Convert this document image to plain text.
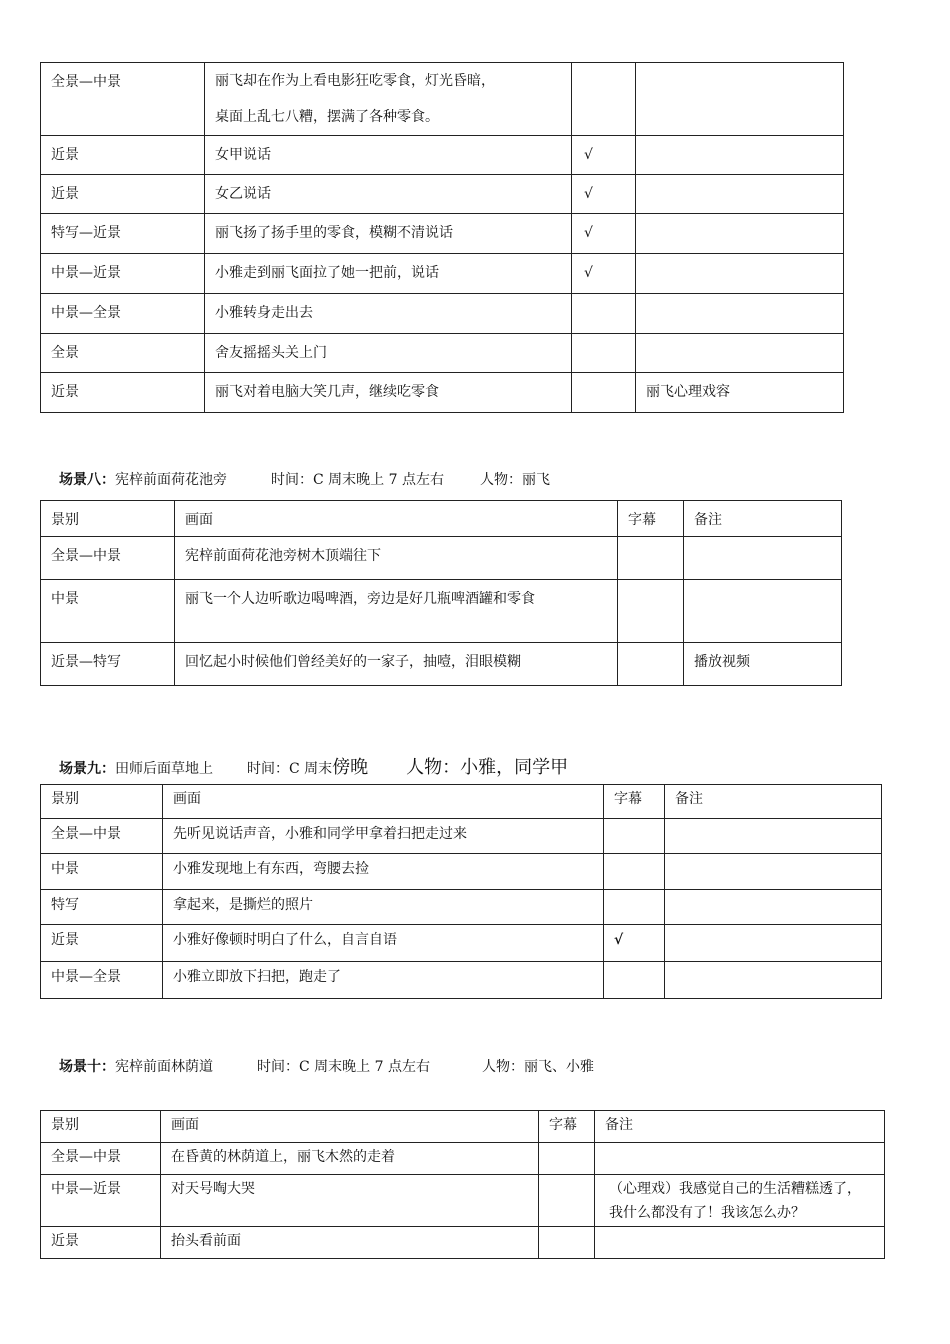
全景—中景	丽飞却在作为上看电影狂吃零食，灯光昏暗，
桌面上乱七八糟，摆满了各种零食。		

近景	女甲说话	√	
近景	女乙说话	√	
特写—近景	丽飞扬了扬手里的零食，模糊不清说话	√	
中景—近景	小雅走到丽飞面拉了她一把前，说话	√	
中景—全景	小雅转身走出去		
全景	舍友摇摇头关上门		
近景	丽飞对着电脑大笑几声，继续吃零食		丽飞心理戏容
场景八：宪梓前面荷花池旁	时间：C 周末晚上 7 点左右	人物：丽飞
景别	画面	字幕	备注
全景—中景	宪梓前面荷花池旁树木顶端往下		
中景	丽飞一个人边听歌边喝啤酒，旁边是好几瓶啤酒罐和零食		
近景—特写	回忆起小时候他们曾经美好的一家子，抽噎，泪眼模糊		播放视频
场景九：田师后面草地上 时间：C 周末傍晚 人物：小雅，同学甲
景别	画面	字幕	备注
全景—中景	先听见说话声音，小雅和同学甲拿着扫把走过来		
中景	小雅发现地上有东西，弯腰去捡		
特写	拿起来，是撕烂的照片		
近景	小雅好像顿时明白了什么，自言自语	√	
中景—全景	小雅立即放下扫把，跑走了		
场景十：宪梓前面林荫道	时间：C 周末晚上 7 点左右	人物：丽飞、小雅
景别	画面	字幕	备注
全景—中景	在昏黄的林荫道上，丽飞木然的走着		
中景—近景	对天号啕大哭		（心理戏）我感觉自己的生活糟糕透了，我什么都没有了！我该怎么办？
近景	抬头看前面		
